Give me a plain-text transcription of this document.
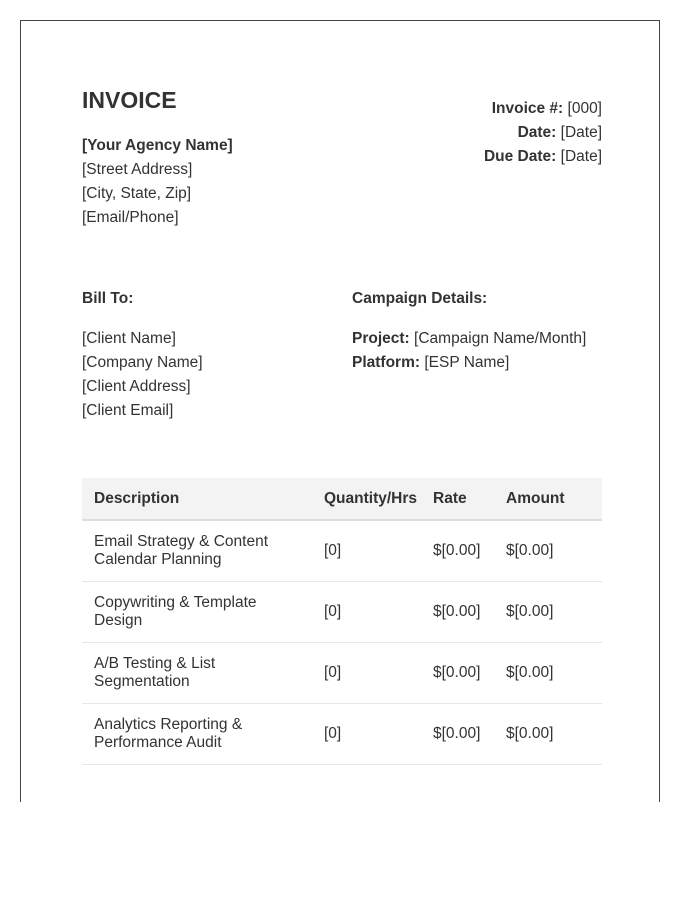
INVOICE
[Your Agency Name]
[Street Address]
[City, State, Zip]
[Email/Phone]
Invoice #: [000]
Date: [Date]
Due Date: [Date]
Bill To:
[Client Name]
[Company Name]
[Client Address]
[Client Email]
Campaign Details:
Project: [Campaign Name/Month]
Platform: [ESP Name]
Description	Quantity/Hrs	Rate	Amount

Email Strategy & Content Calendar Planning	[0]	$[0.00]	$[0.00]

Copywriting & Template Design	[0]	$[0.00]	$[0.00]

A/B Testing & List Segmentation	[0]	$[0.00]	$[0.00]

Analytics Reporting & Performance Audit	[0]	$[0.00]	$[0.00]
